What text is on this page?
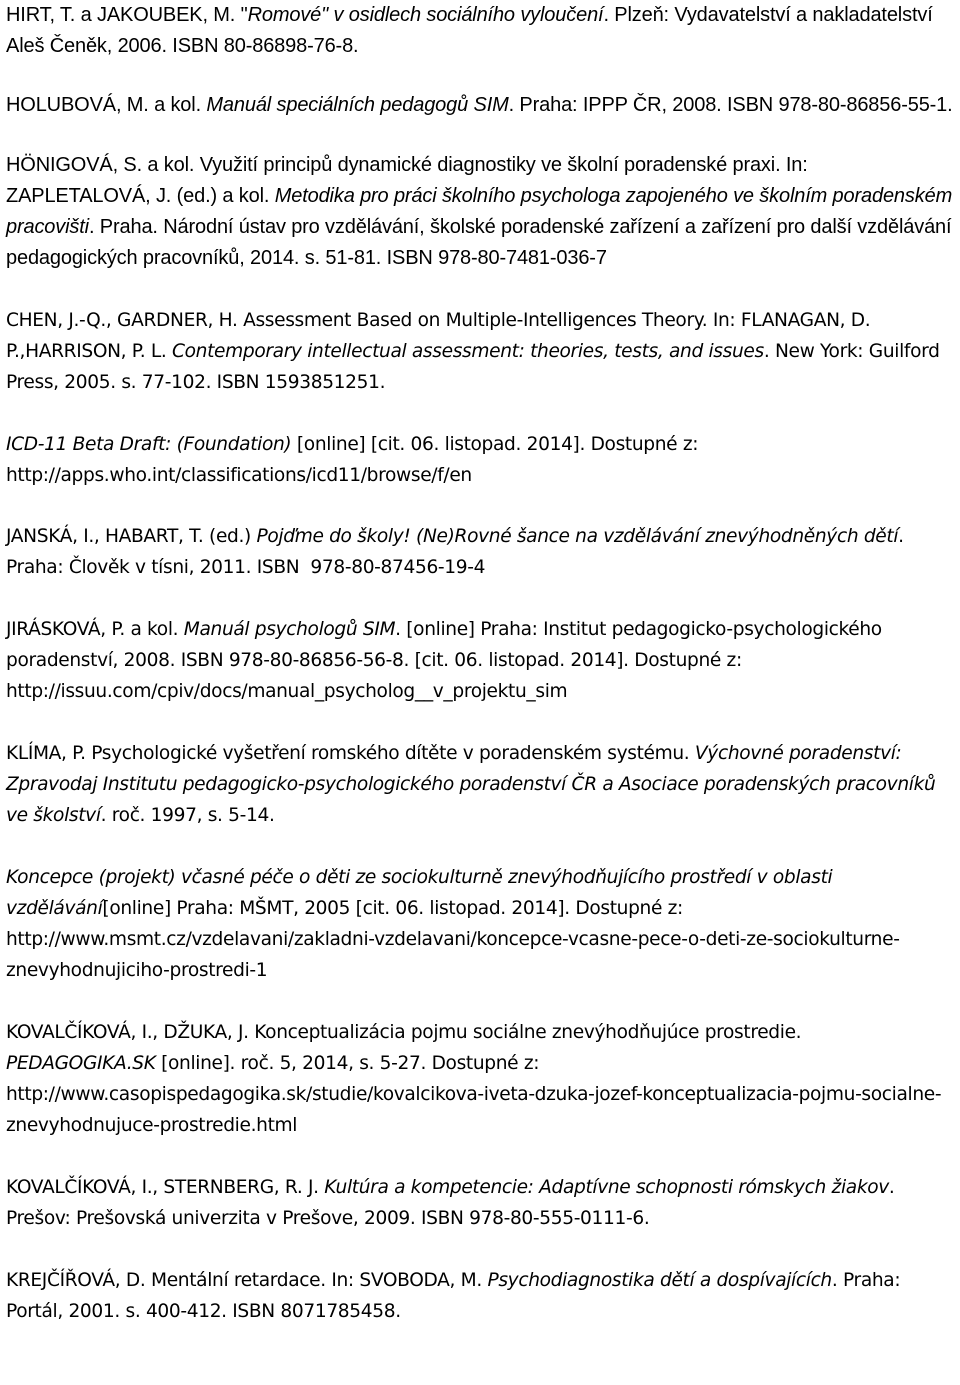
HIRT, T. a JAKOUBEK, M. "Romové" v osidlech sociálního vyloučení. Plzeň: Vydavatelství a nakladatelství Aleš Čeněk, 2006. ISBN 80-86898-76-8.

HOLUBOVÁ, M. a kol. Manuál speciálních pedagogů SIM. Praha: IPPP ČR, 2008. ISBN 978-80-86856-55-1.

HÖNIGOVÁ, S. a kol. Využití principů dynamické diagnostiky ve školní poradenské praxi. In: ZAPLETALOVÁ, J. (ed.) a kol. Metodika pro práci školního psychologa zapojeného ve školním poradenském pracovišti. Praha. Národní ústav pro vzdělávání, školské poradenské zařízení a zařízení pro další vzdělávání pedagogických pracovníků, 2014. s. 51-81. ISBN 978-80-7481-036-7

CHEN, J.-Q., GARDNER, H. Assessment Based on Multiple-Intelligences Theory. In: FLANAGAN, D. P.,HARRISON, P. L. Contemporary intellectual assessment: theories, tests, and issues. New York: Guilford Press, 2005. s. 77-102. ISBN 1593851251.

ICD-11 Beta Draft: (Foundation) [online] [cit. 06. listopad. 2014]. Dostupné z: http://apps.who.int/classifications/icd11/browse/f/en

JANSKÁ, I., HABART, T. (ed.) Pojďme do školy! (Ne)Rovné šance na vzdělávání znevýhodněných dětí. Praha: Člověk v tísni, 2011. ISBN  978-80-87456-19-4

JIRÁSKOVÁ, P. a kol. Manuál psychologů SIM. [online] Praha: Institut pedagogicko-psychologického poradenství, 2008. ISBN 978-80-86856-56-8. [cit. 06. listopad. 2014]. Dostupné z: http://issuu.com/cpiv/docs/manual_psycholog__v_projektu_sim

KLÍMA, P. Psychologické vyšetření romského dítěte v poradenském systému. Výchovné poradenství: Zpravodaj Institutu pedagogicko-psychologického poradenství ČR a Asociace poradenských pracovníků ve školství. roč. 1997, s. 5-14.

Koncepce (projekt) včasné péče o děti ze sociokulturně znevýhodňujícího prostředí v oblasti vzdělávání[online] Praha: MŠMT, 2005 [cit. 06. listopad. 2014]. Dostupné z: http://www.msmt.cz/vzdelavani/zakladni-vzdelavani/koncepce-vcasne-pece-o-deti-ze-sociokulturne-znevyhodnujiciho-prostredi-1

KOVALČÍKOVÁ, I., DŽUKA, J. Konceptualizácia pojmu sociálne znevýhodňujúce prostredie. PEDAGOGIKA.SK [online]. roč. 5, 2014, s. 5-27. Dostupné z: http://www.casopispedagogika.sk/studie/kovalcikova-iveta-dzuka-jozef-konceptualizacia-pojmu-socialne-znevyhodnujuce-prostredie.html

KOVALČÍKOVÁ, I., STERNBERG, R. J. Kultúra a kompetencie: Adaptívne schopnosti rómskych žiakov. Prešov: Prešovská univerzita v Prešove, 2009. ISBN 978-80-555-0111-6.

KREJČÍŘOVÁ, D. Mentální retardace. In: SVOBODA, M. Psychodiagnostika dětí a dospívajících. Praha: Portál, 2001. s. 400-412. ISBN 8071785458.
